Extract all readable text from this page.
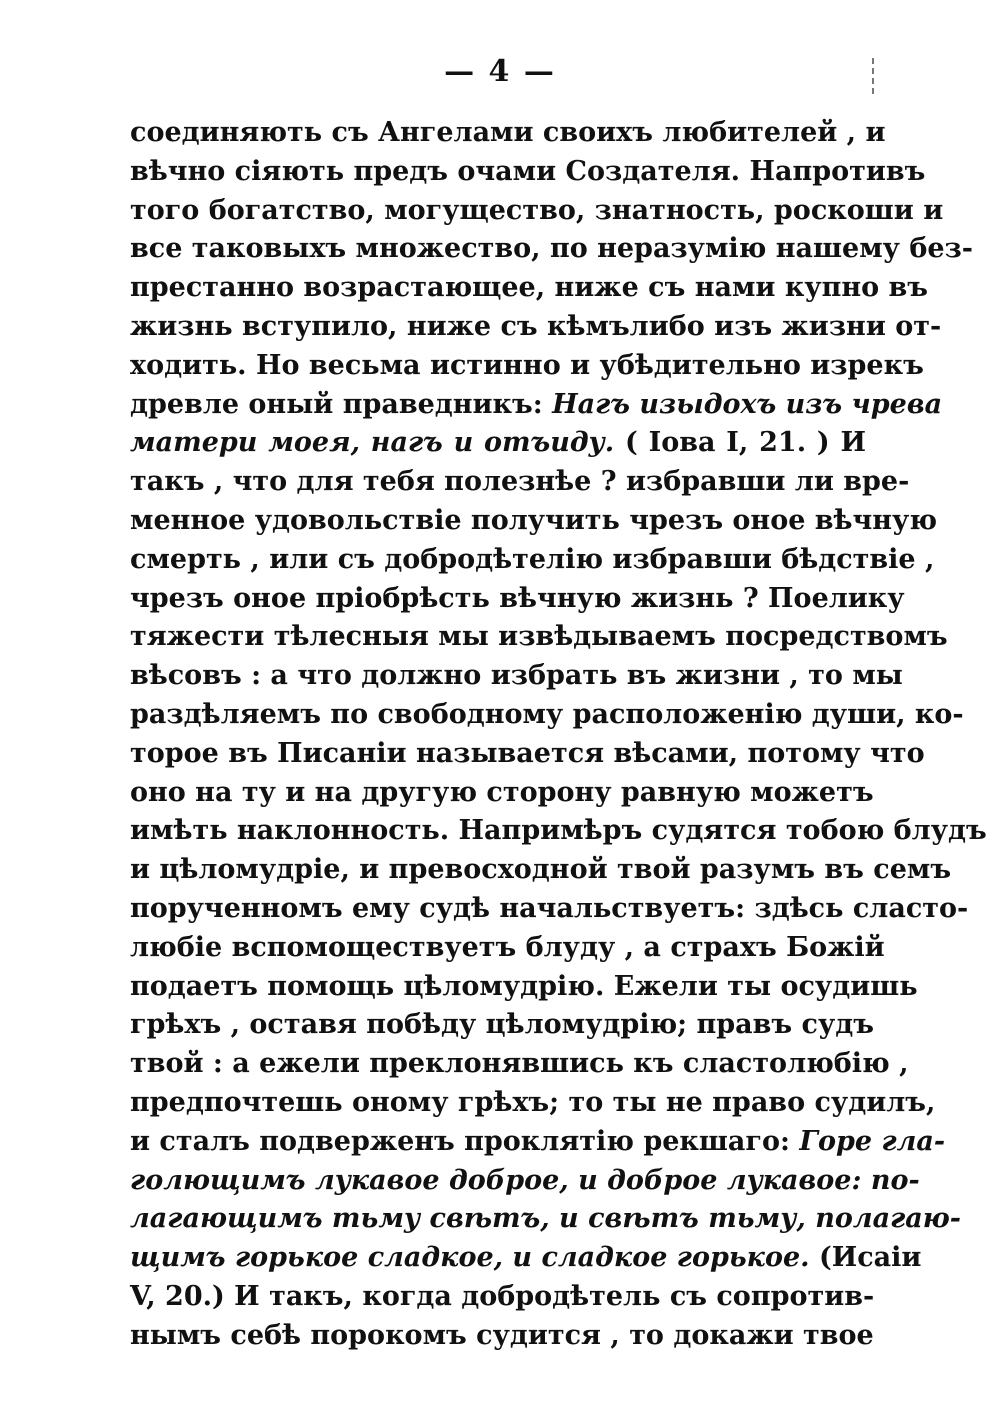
— 4 —
соединяють съ Ангелами своихъ любителей , и
вѣчно сіяють предъ очами Создателя. Напротивъ
того богатство, могущество, знатность, роскоши и
все таковыхъ множество, по неразумію нашему без-
престанно возрастающее, ниже съ нами купно въ
жизнь вступило, ниже съ кѣмълибо изъ жизни от-
ходить. Но весьма истинно и убѣдительно изрекъ
древле оный праведникъ: Нагъ изыдохъ изъ чрева
матери моея, нагъ и отъиду. ( Іова I, 21. ) И
такъ , что для тебя полезнѣе ? избравши ли вре-
менное удовольствіе получить чрезъ оное вѣчную
смерть , или съ добродѣтелію избравши бѣдствіе ,
чрезъ оное пріобрѣсть вѣчную жизнь ? Поелику
тяжести тѣлесныя мы извѣдываемъ посредствомъ
вѣсовъ : а что должно избрать въ жизни , то мы
раздѣляемъ по свободному расположенію души, ко-
торое въ Писаніи называется вѣсами, потому что
оно на ту и на другую сторону равную можетъ
имѣть наклонность. Напримѣръ судятся тобою блудъ
и цѣломудріе, и превосходной твой разумъ въ семъ
порученномъ ему судѣ начальствуетъ: здѣсь сласто-
любіе вспомоществуетъ блуду , а страхъ Божій
подаетъ помощь цѣломудрію. Ежели ты осудишь
грѣхъ , оставя побѣду цѣломудрію; правъ судъ
твой : а ежели преклонявшись къ сластолюбію ,
предпочтешь оному грѣхъ; то ты не право судилъ,
и сталъ подверженъ проклятію рекшаго: Горе гла-
голющимъ лукавое доброе, и доброе лукавое: по-
лагающимъ тьму свѣтъ, и свѣтъ тьму, полагаю-
щимъ горькое сладкое, и сладкое горькое. (Исаіи
V, 20.) И такъ, когда добродѣтель съ сопротив-
нымъ себѣ порокомъ судится , то докажи твое
